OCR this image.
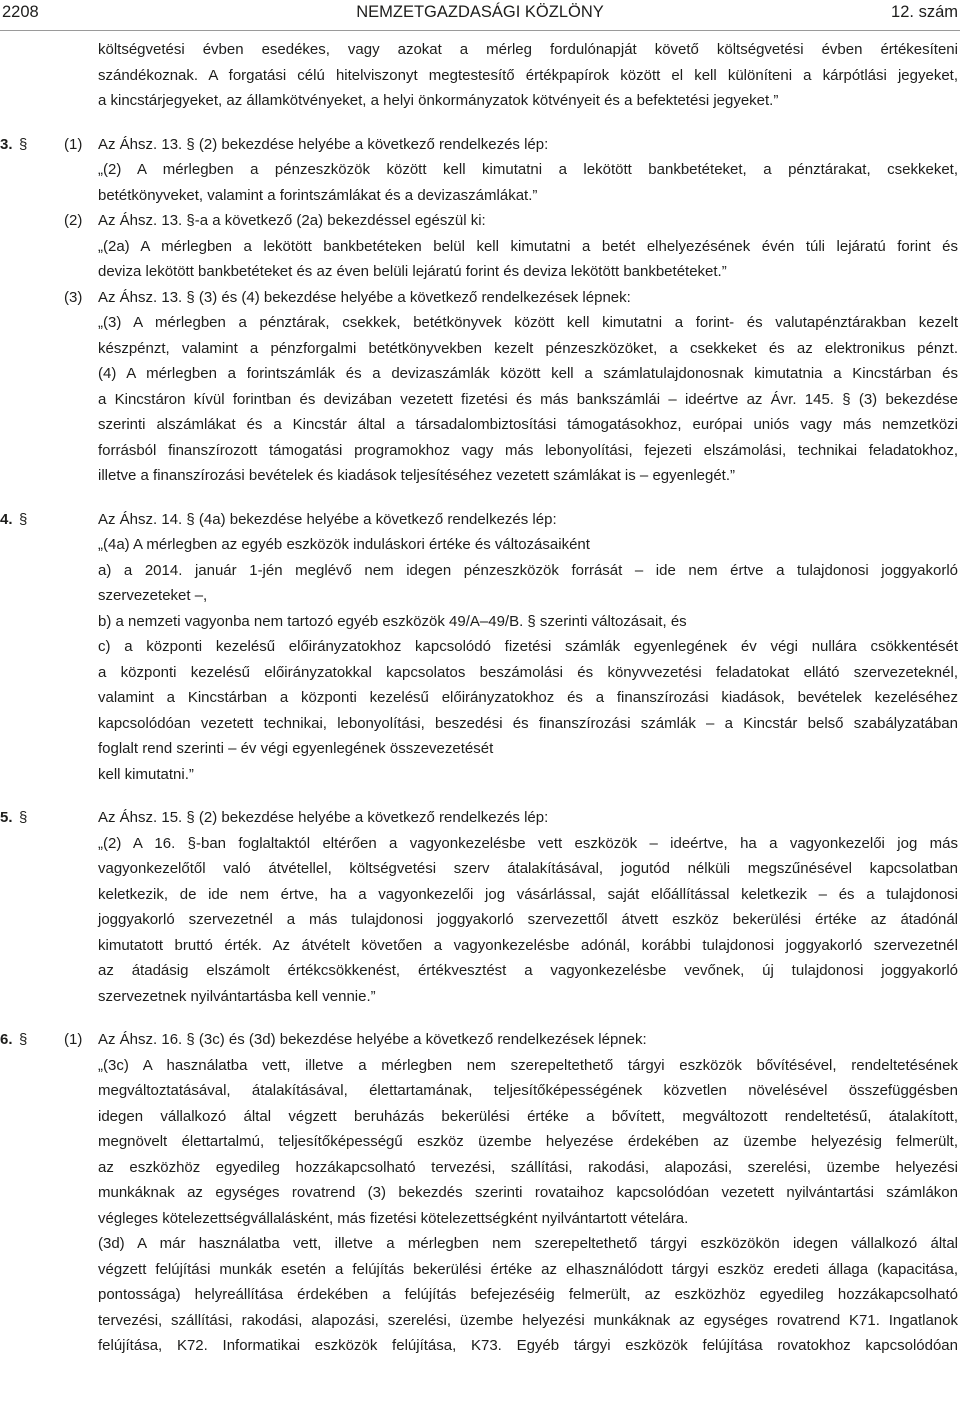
2208	NEMZETGAZDASÁGI KÖZLÖNY	12. szám
költségvetési évben esedékes, vagy azokat a mérleg fordulónapját követő költségvetési évben értékesíteni
szándékoznak. A forgatási célú hitelviszonyt megtestesítő értékpapírok között el kell különíteni a kárpótlási jegyeket,
a kincstárjegyeket, az államkötvényeket, a helyi önkormányzatok kötvényeit és a befektetési jegyeket.”
3. § (1) Az Áhsz. 13. § (2) bekezdése helyébe a következő rendelkezés lép:
„(2) A mérlegben a pénzeszközök között kell kimutatni a lekötött bankbetéteket, a pénztárakat, csekkeket,
betétkönyveket, valamint a forintszámlákat és a devizaszámlákat.”
(2) Az Áhsz. 13. §-a a következő (2a) bekezdéssel egészül ki:
„(2a) A mérlegben a lekötött bankbetéteken belül kell kimutatni a betét elhelyezésének évén túli lejáratú forint és
deviza lekötött bankbetéteket és az éven belüli lejáratú forint és deviza lekötött bankbetéteket.”
(3) Az Áhsz. 13. § (3) és (4) bekezdése helyébe a következő rendelkezések lépnek:
„(3) A mérlegben a pénztárak, csekkek, betétkönyvek között kell kimutatni a forint- és valutapénztárakban kezelt
készpénzt, valamint a pénzforgalmi betétkönyvekben kezelt pénzeszközöket, a csekkeket és az elektronikus pénzt.
(4) A mérlegben a forintszámlák és a devizaszámlák között kell a számlatulajdonosnak kimutatnia a Kincstárban és
a Kincstáron kívül forintban és devizában vezetett fizetési és más bankszámlái – ideértve az Ávr. 145. § (3) bekezdése
szerinti alszámlákat és a Kincstár által a társadalombiztosítási támogatásokhoz, európai uniós vagy más nemzetközi
forrásból finanszírozott támogatási programokhoz vagy más lebonyolítási, fejezeti elszámolási, technikai feladatokhoz,
illetve a finanszírozási bevételek és kiadások teljesítéséhez vezetett számlákat is – egyenlegét.”
4. §	Az Áhsz. 14. § (4a) bekezdése helyébe a következő rendelkezés lép:
„(4a) A mérlegben az egyéb eszközök induláskori értéke és változásaiként
a) a 2014. január 1-jén meglévő nem idegen pénzeszközök forrását – ide nem értve a tulajdonosi joggyakorló
szervezeteket –,
b) a nemzeti vagyonba nem tartozó egyéb eszközök 49/A–49/B. § szerinti változásait, és
c) a központi kezelésű előirányzatokhoz kapcsolódó fizetési számlák egyenlegének év végi nullára csökkentését
a központi kezelésű előirányzatokkal kapcsolatos beszámolási és könyvvezetési feladatokat ellátó szervezeteknél,
valamint a Kincstárban a központi kezelésű előirányzatokhoz és a finanszírozási kiadások, bevételek kezeléséhez
kapcsolódóan vezetett technikai, lebonyolítási, beszedési és finanszírozási számlák – a Kincstár belső szabályzatában
foglalt rend szerinti – év végi egyenlegének összevezetését
kell kimutatni.”
5. §	Az Áhsz. 15. § (2) bekezdése helyébe a következő rendelkezés lép:
„(2) A 16. §-ban foglaltaktól eltérően a vagyonkezelésbe vett eszközök – ideértve, ha a vagyonkezelői jog más
vagyonkezelőtől való átvétellel, költségvetési szerv átalakításával, jogutód nélküli megszűnésével kapcsolatban
keletkezik, de ide nem értve, ha a vagyonkezelői jog vásárlással, saját előállítással keletkezik – és a tulajdonosi
joggyakorló szervezetnél a más tulajdonosi joggyakorló szervezettől átvett eszköz bekerülési értéke az átadónál
kimutatott bruttó érték. Az átvételt követően a vagyonkezelésbe adónál, korábbi tulajdonosi joggyakorló szervezetnél
az átadásig elszámolt értékcsökkenést, értékvesztést a vagyonkezelésbe vevőnek, új tulajdonosi joggyakorló
szervezetnek nyilvántartásba kell vennie.”
6. § (1) Az Áhsz. 16. § (3c) és (3d) bekezdése helyébe a következő rendelkezések lépnek:
„(3c) A használatba vett, illetve a mérlegben nem szerepeltethető tárgyi eszközök bővítésével, rendeltetésének
megváltoztatásával, átalakításával, élettartamának, teljesítőképességének közvetlen növelésével összefüggésben
idegen vállalkozó által végzett beruházás bekerülési értéke a bővített, megváltozott rendeltetésű, átalakított,
megnövelt élettartalmú, teljesítőképességű eszköz üzembe helyezése érdekében az üzembe helyezésig felmerült,
az eszközhöz egyedileg hozzákapcsolható tervezési, szállítási, rakodási, alapozási, szerelési, üzembe helyezési
munkáknak az egységes rovatrend (3) bekezdés szerinti rovataihoz kapcsolódóan vezetett nyilvántartási számlákon
végleges kötelezettségvállalásként, más fizetési kötelezettségként nyilvántartott vételára.
(3d) A már használatba vett, illetve a mérlegben nem szerepeltethető tárgyi eszközökön idegen vállalkozó által
végzett felújítási munkák esetén a felújítás bekerülési értéke az elhasználódott tárgyi eszköz eredeti állaga (kapacitása,
pontossága) helyreállítása érdekében a felújítás befejezéséig felmerült, az eszközhöz egyedileg hozzákapcsolható
tervezési, szállítási, rakodási, alapozási, szerelési, üzembe helyezési munkáknak az egységes rovatrend K71. Ingatlanok
felújítása, K72. Informatikai eszközök felújítása, K73. Egyéb tárgyi eszközök felújítása rovatokhoz kapcsolódóan
